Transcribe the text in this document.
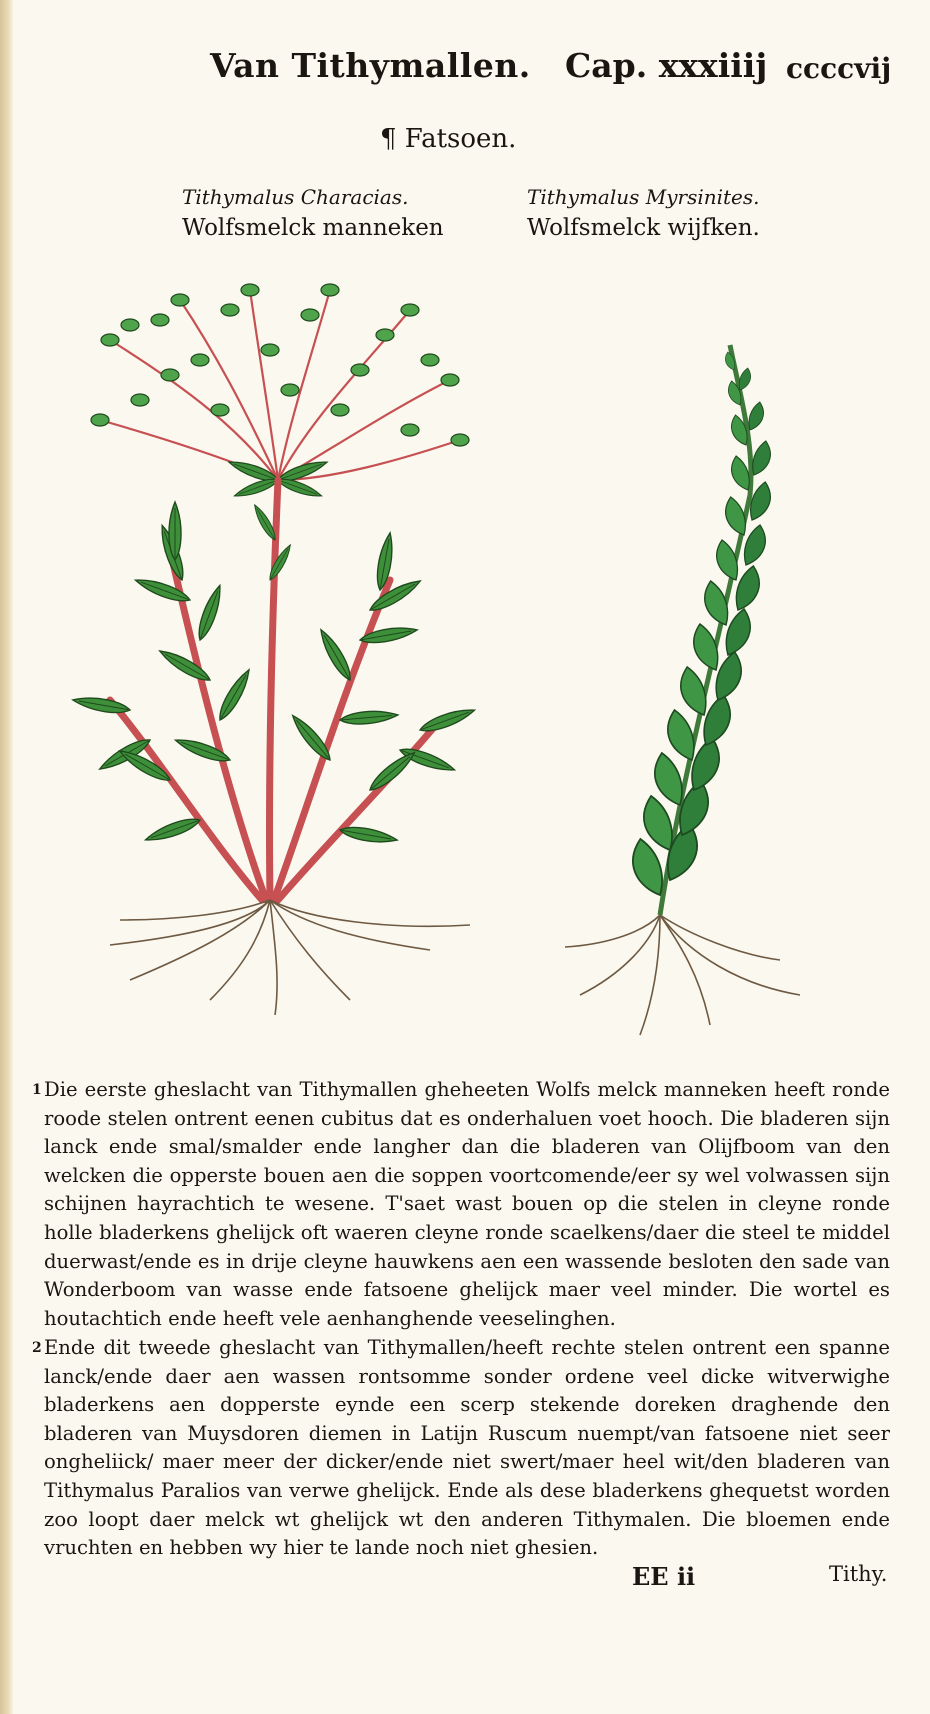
Van Tithymallen. Cap. xxxiiij ccccvij
¶ Fatsoen.
Tithymalus Characias.
Wolfsmelck manneken
Tithymalus Myrsinites.
Wolfsmelck wijfken.
1 Die eerste gheslacht van Tithymallen gheheeten Wolfs melck manneken heeft ronde roode stelen ontrent eenen cubitus dat es onderhaluen voet hooch. Die bladeren sijn lanck ende smal/smalder ende langher dan die bladeren van Olijfboom van den welcken die opperste bouen aen die soppen voortcomende/eer sy wel volwassen sijn schijnen hayrachtich te wesene. T'saet wast bouen op die stelen in cleyne ronde holle bladerkens ghelijck oft waeren cleyne ronde scaelkens/daer die steel te middel duerwast/ende es in drije cleyne hauwkens aen een wassende besloten den sade van Wonderboom van wasse ende fatsoene ghelijck maer veel minder. Die wortel es houtachtich ende heeft vele aenhanghende veeselinghen.
2 Ende dit tweede gheslacht van Tithymallen/heeft rechte stelen ontrent een spanne lanck/ende daer aen wassen rontsomme sonder ordene veel dicke witverwighe bladerkens aen dopperste eynde een scerp stekende doreken draghende den bladeren van Muysdoren diemen in Latijn Ruscum nuempt/van fatsoene niet seer ongheliick/ maer meer der dicker/ende niet swert/maer heel wit/den bladeren van Tithymalus Paralios van verwe ghelijck. Ende als dese bladerkens ghequetst worden zoo loopt daer melck wt ghelijck wt den anderen Tithymalen. Die bloemen ende vruchten en hebben wy hier te lande noch niet ghesien.
EE ii	Tithy.
